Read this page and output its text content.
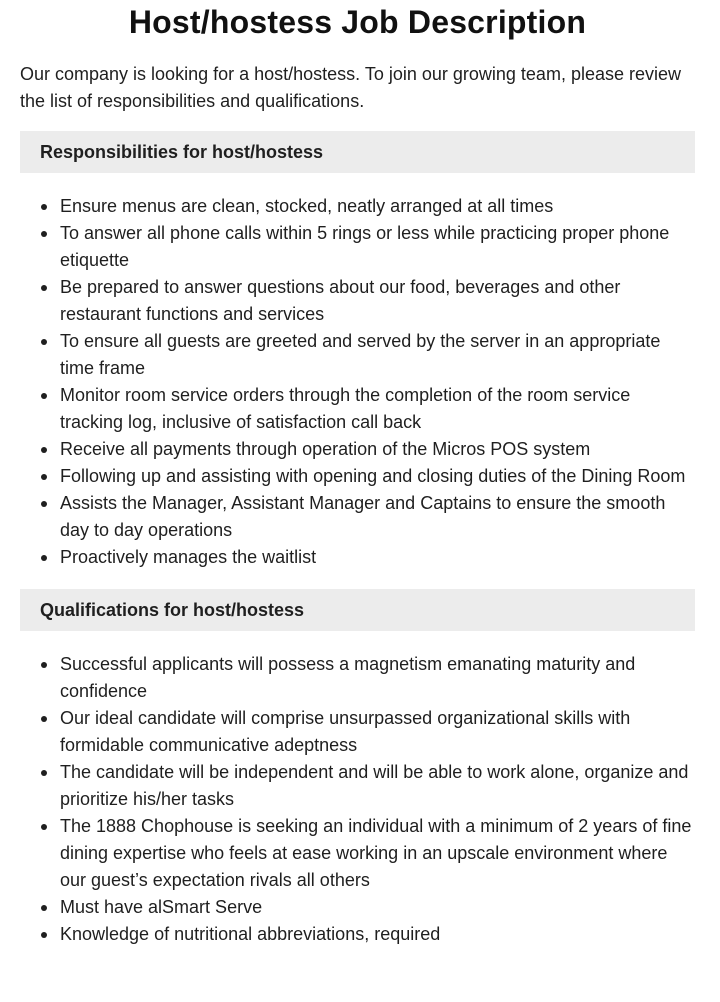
Host/hostess Job Description

Our company is looking for a host/hostess. To join our growing team, please review the list of responsibilities and qualifications.

Responsibilities for host/hostess
Ensure menus are clean, stocked, neatly arranged at all times
To answer all phone calls within 5 rings or less while practicing proper phone etiquette
Be prepared to answer questions about our food, beverages and other restaurant functions and services
To ensure all guests are greeted and served by the server in an appropriate time frame
Monitor room service orders through the completion of the room service tracking log, inclusive of satisfaction call back
Receive all payments through operation of the Micros POS system
Following up and assisting with opening and closing duties of the Dining Room
Assists the Manager, Assistant Manager and Captains to ensure the smooth day to day operations
Proactively manages the waitlist
Qualifications for host/hostess
Successful applicants will possess a magnetism emanating maturity and confidence
Our ideal candidate will comprise unsurpassed organizational skills with formidable communicative adeptness
The candidate will be independent and will be able to work alone, organize and prioritize his/her tasks
The 1888 Chophouse is seeking an individual with a minimum of 2 years of fine dining expertise who feels at ease working in an upscale environment where our guest’s expectation rivals all others
Must have alSmart Serve
Knowledge of nutritional abbreviations, required
